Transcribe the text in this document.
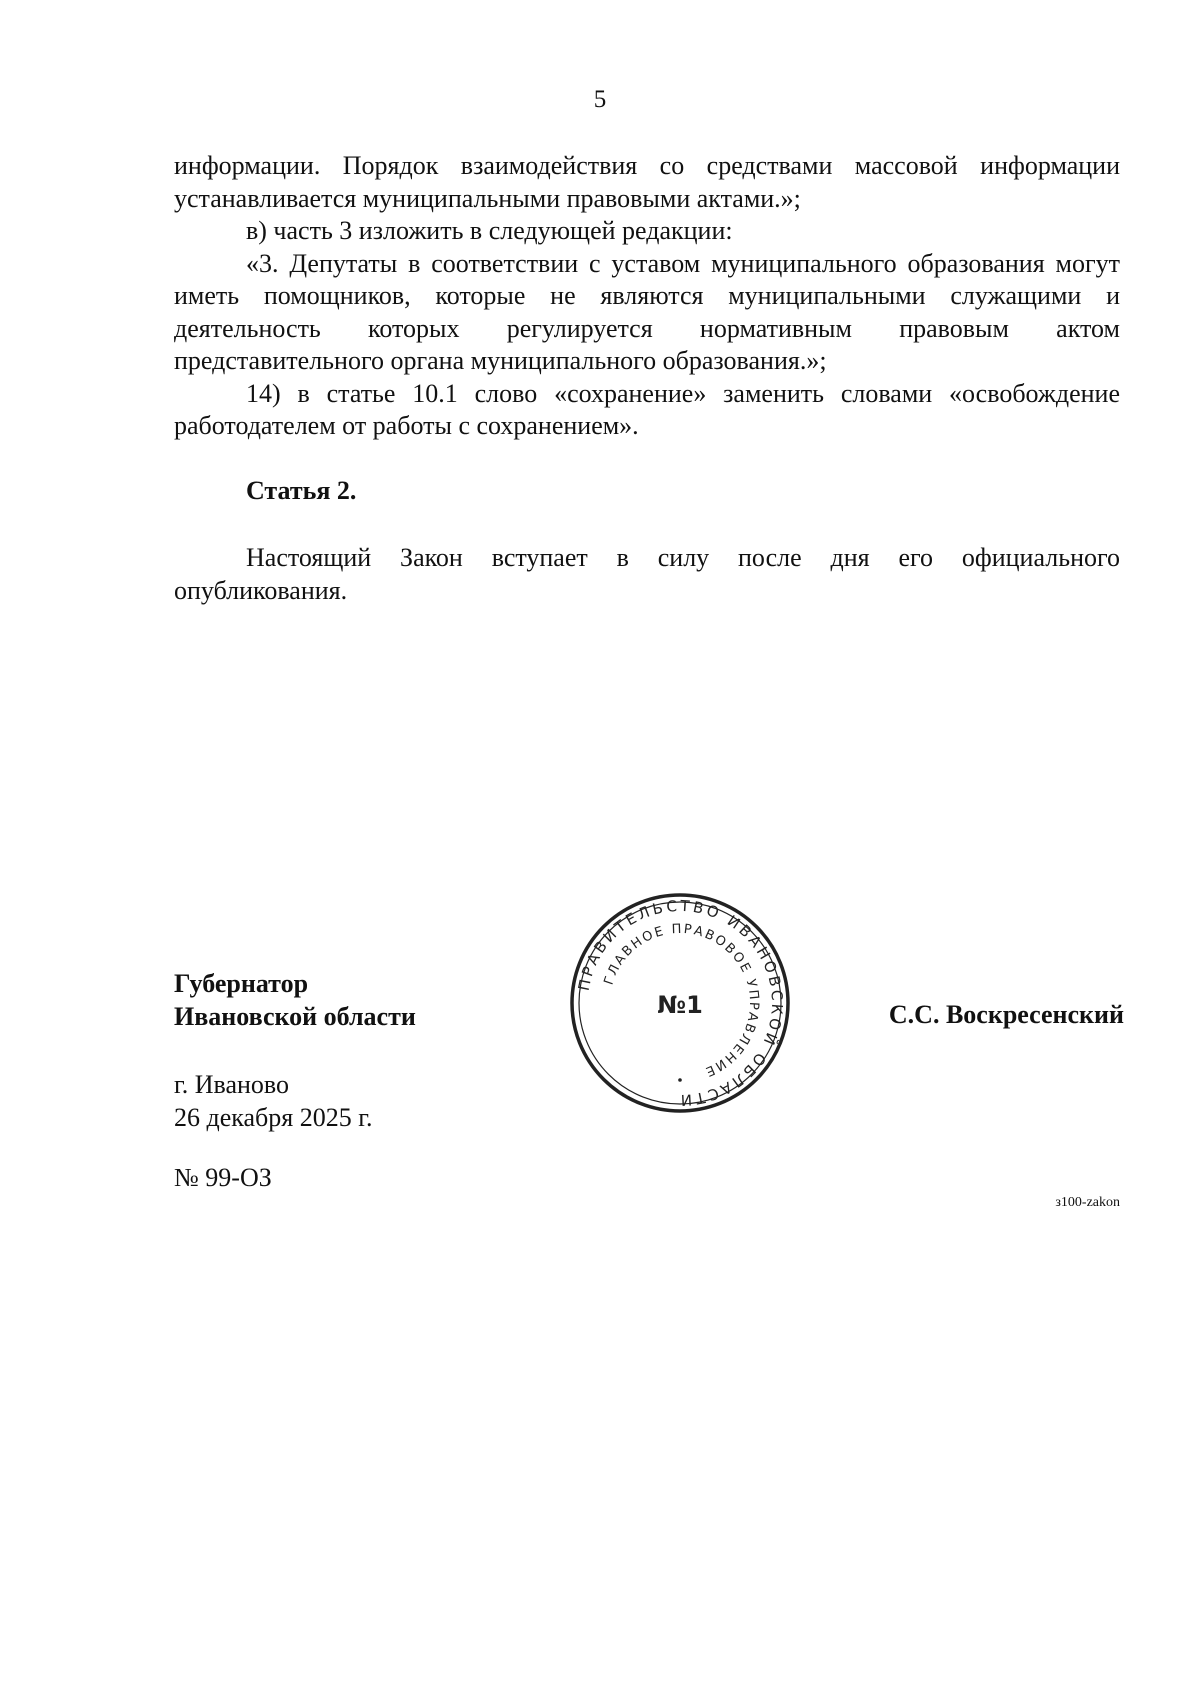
5

информации. Порядок взаимодействия со средствами массовой информации устанавливается муниципальными правовыми актами.»;

в) часть 3 изложить в следующей редакции:

«3. Депутаты в соответствии с уставом муниципального образования могут иметь помощников, которые не являются муниципальными служащими и деятельность которых регулируется нормативным правовым актом представительного органа муниципального образования.»;

14) в статье 10.1 слово «сохранение» заменить словами «освобождение работодателем от работы с сохранением».

Статья 2.

Настоящий Закон вступает в силу после дня его официального опубликования.

Губернатор
Ивановской области
ПРАВИТЕЛЬСТВО ИВАНОВСКОЙ ОБЛАСТИ
ГЛАВНОЕ ПРАВОВОЕ УПРАВЛЕНИЕ
№1	С.С. Воскресенский
г. Иваново
26 декабря 2025 г.
№ 99-ОЗ
з100-zakon
